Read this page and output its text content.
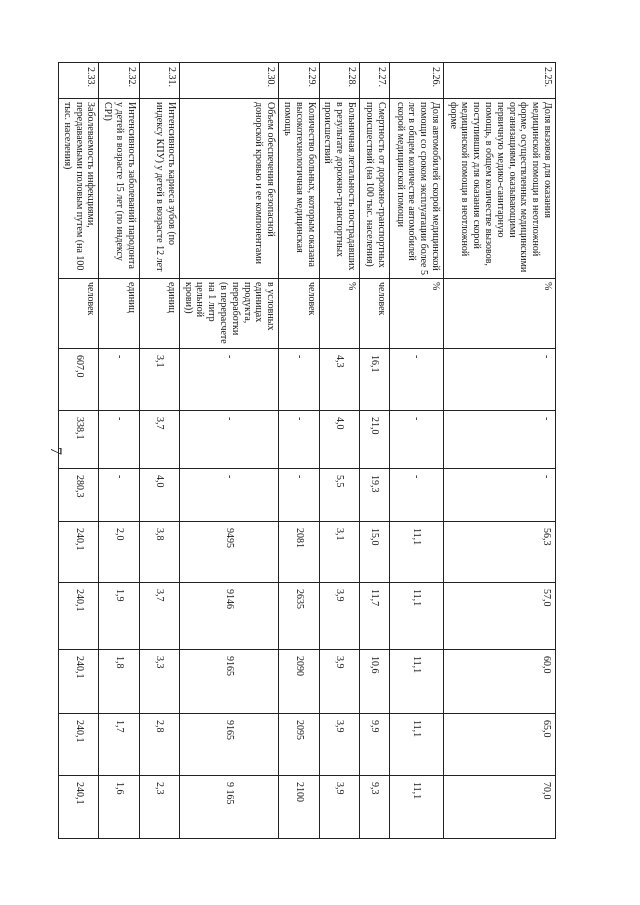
7
2.25.	Доля вызовов для оказания медицинской помощи в неотложной форме, осуществленных медицинскими организациями, оказывающими первичную медико-санитарную помощь, в общем количестве вызовов, поступивших для оказания скорой медицинской помощи в неотложной форме	%	-	-	-	56,3	57,0	60,0	65,0	70,0
2.26.	Доля автомобилей скорой медицинской помощи со сроком эксплуатации более 5 лет в общем количестве автомобилей скорой медицинской помощи	%	-	-	-	11,1	11,1	11,1	11,1	11,1
2.27.	Смертность от дорожно-транспортных происшествий (на 100 тыс. населения)	человек	16,1	21,0	19,3	15,0	11,7	10,6	9,9	9,3
2.28.	Больничная летальность пострадавших в результате дорожно-транспортных происшествий	%	4,3	4,0	5,5	3,1	3,9	3,9	3,9	3,9
2.29.	Количество больных, которым оказана высокотехнологичная медицинская помощь	человек	-	-	-	2081	2635	2090	2095	2100
2.30.	Объем обеспечения безопасной донорской кровью и ее компонентами	в условных единицах продукта, переработки (в перерасчете на 1 литр цельной крови))	-	-	-	9495	9146	9165	9165	9 165
2.31.	Интенсивность кариеса зубов (по индексу КПУ) у детей в возрасте 12 лет	единиц	3,1	3,7	4,0	3,8	3,7	3,3	2,8	2,3
2.32.	Интенсивность заболеваний пародонта у детей в возрасте 15 лет (по индексу CPI)	единиц	-	-	-	2,0	1,9	1,8	1,7	1,6
2.33.	Заболеваемость инфекциями, передаваемыми половым путем (на 100 тыс. населения)	человек	607,0	338,1	280,3	240,1	240,1	240,1	240,1	240,1
